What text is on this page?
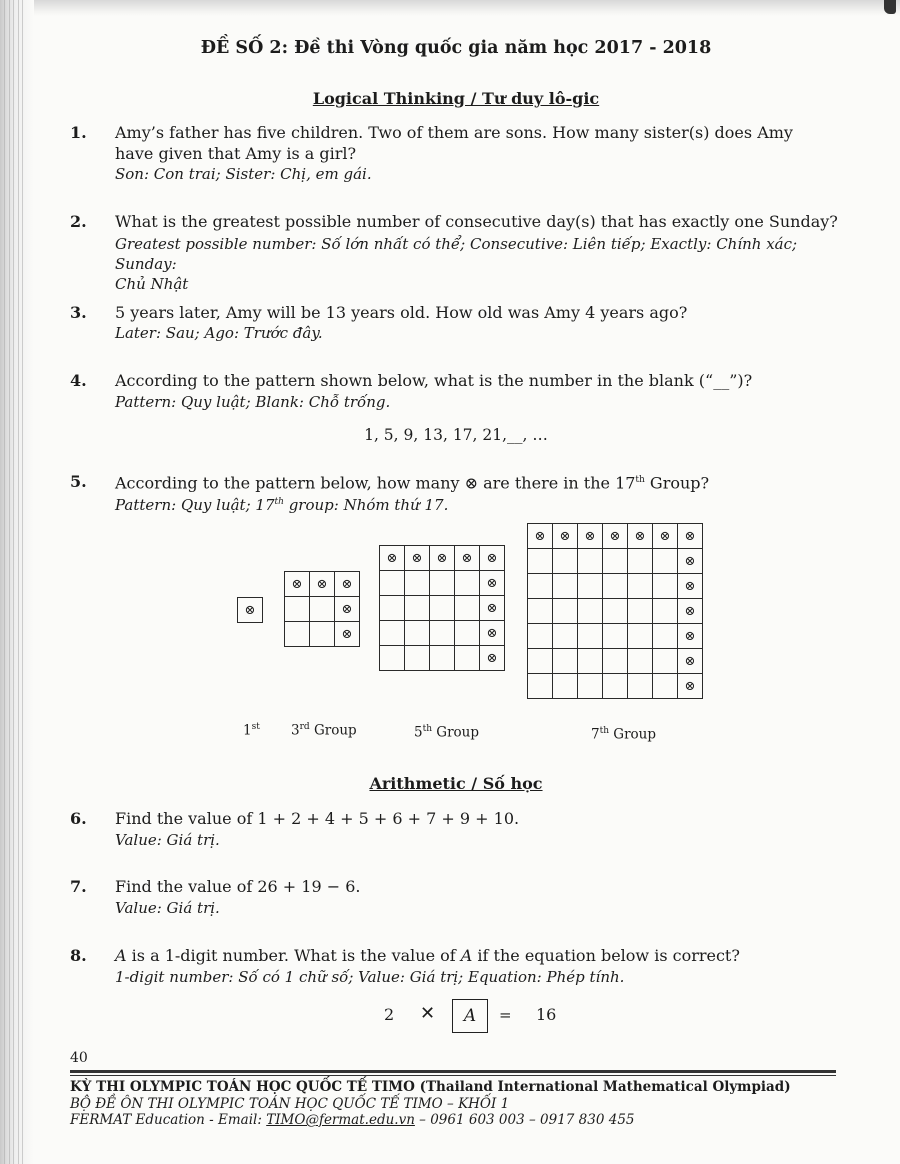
ĐỀ SỐ 2: Đề thi Vòng quốc gia năm học 2017 - 2018
Logical Thinking / Tư duy lô-gic
1. Amy’s father has five children. Two of them are sons. How many sister(s) does Amy
have given that Amy is a girl?
Son: Con trai; Sister: Chị, em gái.
2. What is the greatest possible number of consecutive day(s) that has exactly one Sunday?
Greatest possible number: Số lớn nhất có thể; Consecutive: Liên tiếp; Exactly: Chính xác; Sunday:
Chủ Nhật
3. 5 years later, Amy will be 13 years old. How old was Amy 4 years ago?
Later: Sau; Ago: Trước đây.
4. According to the pattern shown below, what is the number in the blank (“__”)?
Pattern: Quy luật; Blank: Chỗ trống.
1, 5, 9, 13, 17, 21,__, …
5. According to the pattern below, how many ⊗ are there in the 17th Group?
Pattern: Quy luật; 17th group: Nhóm thứ 17.
⊗
⊗	⊗	⊗
		⊗
		⊗
⊗	⊗	⊗	⊗	⊗
				⊗
				⊗
				⊗
				⊗
⊗	⊗	⊗	⊗	⊗	⊗	⊗
						⊗
						⊗
						⊗
						⊗
						⊗
						⊗
1st 3rd Group	5th Group	7th Group
Arithmetic / Số học
6. Find the value of 1 + 2 + 4 + 5 + 6 + 7 + 9 + 10.
Value: Giá trị.
7. Find the value of 26 + 19 − 6.
Value: Giá trị.
8. A is a 1-digit number. What is the value of A if the equation below is correct?
1-digit number: Số có 1 chữ số; Value: Giá trị; Equation: Phép tính.
2 ✕	A	= 16
40
KỲ THI OLYMPIC TOÁN HỌC QUỐC TẾ TIMO (Thailand International Mathematical Olympiad)
BỘ ĐỀ ÔN THI OLYMPIC TOÁN HỌC QUỐC TẾ TIMO – KHỐI 1
FERMAT Education - Email: TIMO@fermat.edu.vn – 0961 603 003 – 0917 830 455
